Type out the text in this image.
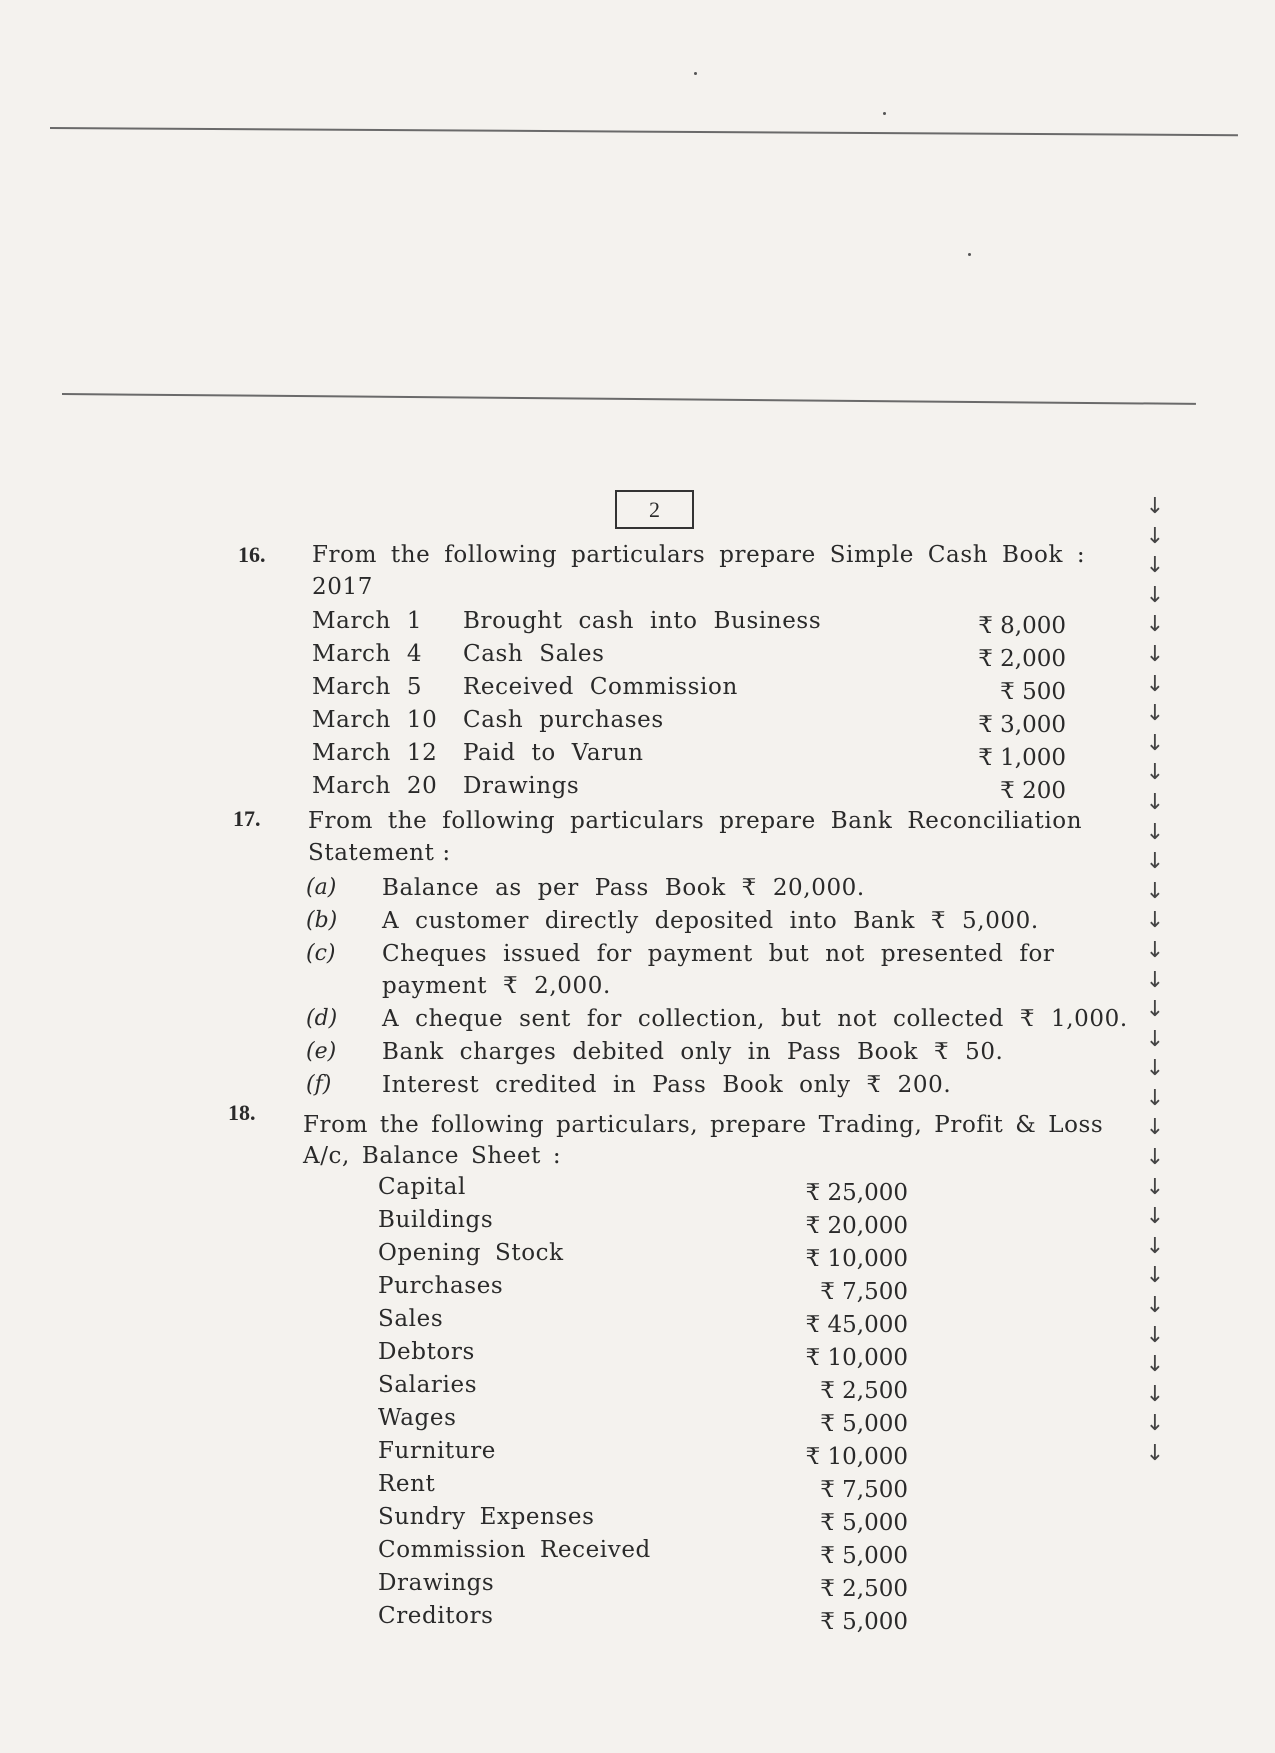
2
16. From the following particulars prepare Simple Cash Book :
2017
March 1 Brought cash into Business	₹ 8,000
March 4 Cash Sales	₹ 2,000
March 5 Received Commission	₹ 500
March 10 Cash purchases	₹ 3,000
March 12 Paid to Varun	₹ 1,000
March 20 Drawings	₹ 200
17. From the following particulars prepare Bank Reconciliation
Statement :
(a) Balance as per Pass Book ₹ 20,000.
(b) A customer directly deposited into Bank ₹ 5,000.
(c) Cheques issued for payment but not presented for
payment ₹ 2,000.
(d) A cheque sent for collection, but not collected ₹ 1,000.
(e) Bank charges debited only in Pass Book ₹ 50.
(f) Interest credited in Pass Book only ₹ 200.
18. From the following particulars, prepare Trading, Profit & Loss
A/c, Balance Sheet :
Capital	₹ 25,000
Buildings	₹ 20,000
Opening Stock	₹ 10,000
Purchases	₹ 7,500
Sales	₹ 45,000
Debtors	₹ 10,000
Salaries	₹ 2,500
Wages	₹ 5,000
Furniture	₹ 10,000
Rent	₹ 7,500
Sundry Expenses	₹ 5,000
Commission Received	₹ 5,000
Drawings	₹ 2,500
Creditors	₹ 5,000
↓
↓
↓
↓
↓
↓
↓
↓
↓
↓
↓
↓
↓
↓
↓
↓
↓
↓
↓
↓
↓
↓
↓
↓
↓
↓
↓
↓
↓
↓
↓
↓
↓
